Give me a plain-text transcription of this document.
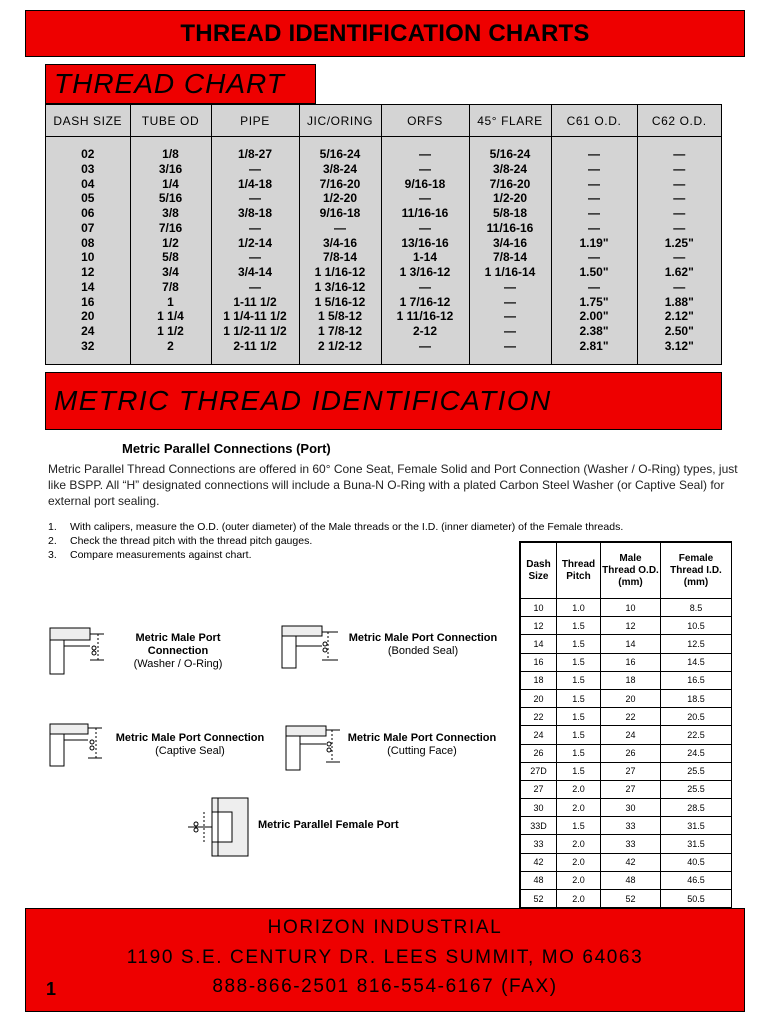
THREAD IDENTIFICATION CHARTS
THREAD CHART
DASH SIZE	TUBE OD	PIPE	JIC/ORING	ORFS	45° FLARE	C61 O.D.	C62 O.D.

02	1/8	1/8-27	5/16-24	—	5/16-24	—	—
03	3/16	—	3/8-24	—	3/8-24	—	—
04	1/4	1/4-18	7/16-20	9/16-18	7/16-20	—	—
05	5/16	—	1/2-20	—	1/2-20	—	—
06	3/8	3/8-18	9/16-18	11/16-16	5/8-18	—	—
07	7/16	—	—	—	11/16-16	—	—
08	1/2	1/2-14	3/4-16	13/16-16	3/4-16	1.19"	1.25"
10	5/8	—	7/8-14	1-14	7/8-14	—	—
12	3/4	3/4-14	1 1/16-12	1 3/16-12	1 1/16-14	1.50"	1.62"
14	7/8	—	1 3/16-12	—	—	—	—
16	1	1-11 1/2	1 5/16-12	1 7/16-12	—	1.75"	1.88"
20	1 1/4	1 1/4-11 1/2	1 5/8-12	1 11/16-12	—	2.00"	2.12"
24	1 1/2	1 1/2-11 1/2	1 7/8-12	2-12	—	2.38"	2.50"
32	2	2-11 1/2	2 1/2-12	—	—	2.81"	3.12"

METRIC THREAD IDENTIFICATION
Metric Parallel Connections (Port)
Metric Parallel Thread Connections are offered in 60° Cone Seat, Female Solid and Port Connection (Washer / O-Ring) types, just like BSPP. All “H” designated connections will include a Buna-N O-Ring with a plated Carbon Steel Washer (or Captive Seal) for external port sealing.
1. With calipers, measure the O.D. (outer diameter) of the Male threads or the I.D. (inner diameter) of the Female threads.
2. Check the thread pitch with the thread pitch gauges.
3. Compare measurements against chart.
Metric Male Port Connection
(Washer / O-Ring)
Metric Male Port Connection
(Bonded Seal)
Metric Male Port Connection
(Captive Seal)
Metric Male Port Connection
(Cutting Face)
Metric Parallel Female Port
Dash Size	Thread Pitch	Male Thread O.D. (mm)	Female Thread I.D. (mm)
10	1.0	10	8.5
12	1.5	12	10.5
14	1.5	14	12.5
16	1.5	16	14.5
18	1.5	18	16.5
20	1.5	20	18.5
22	1.5	22	20.5
24	1.5	24	22.5
26	1.5	26	24.5
27D	1.5	27	25.5
27	2.0	27	25.5
30	2.0	30	28.5
33D	1.5	33	31.5
33	2.0	33	31.5
42	2.0	42	40.5
48	2.0	48	46.5
52	2.0	52	50.5
HORIZON INDUSTRIAL
1190 S.E. CENTURY DR. LEES SUMMIT, MO 64063
888-866-2501 816-554-6167 (FAX)
1
